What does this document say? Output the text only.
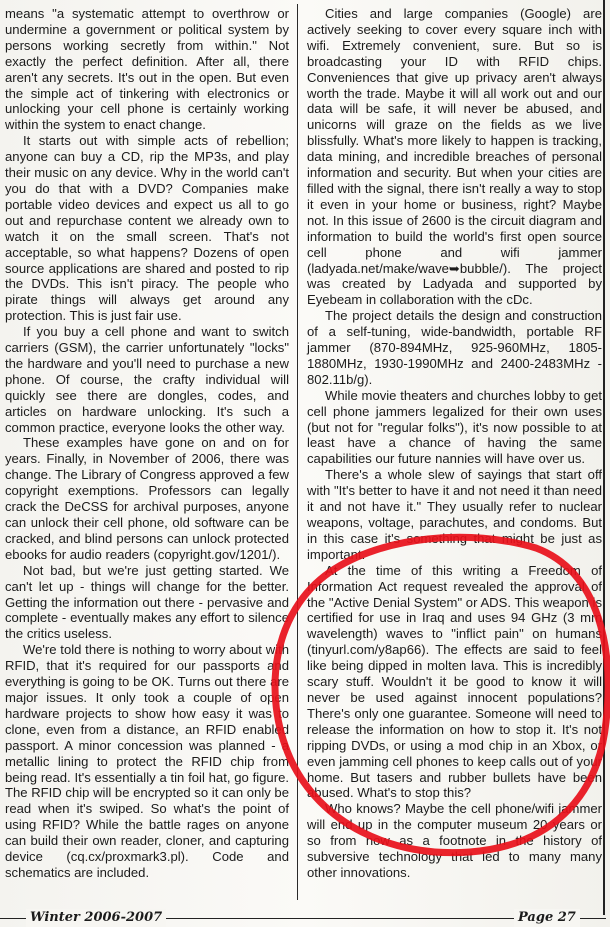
means "a systematic attempt to overthrow or undermine a government or political system by persons working secretly from within." Not exactly the perfect definition. After all, there aren't any secrets. It's out in the open. But even the simple act of tinkering with electronics or unlocking your cell phone is certainly working within the system to enact change.

It starts out with simple acts of rebellion; anyone can buy a CD, rip the MP3s, and play their music on any device. Why in the world can't you do that with a DVD? Companies make portable video devices and expect us all to go out and repurchase content we already own to watch it on the small screen. That's not acceptable, so what happens? Dozens of open source applications are shared and posted to rip the DVDs. This isn't piracy. The people who pirate things will always get around any protection. This is just fair use.

If you buy a cell phone and want to switch carriers (GSM), the carrier unfortunately "locks" the hardware and you'll need to purchase a new phone. Of course, the crafty individual will quickly see there are dongles, codes, and articles on hardware unlocking. It's such a common practice, everyone looks the other way.

These examples have gone on and on for years. Finally, in November of 2006, there was change. The Library of Congress approved a few copyright exemptions. Professors can legally crack the DeCSS for archival purposes, anyone can unlock their cell phone, old software can be cracked, and blind persons can unlock protected ebooks for audio readers (copyright.gov/1201/).

Not bad, but we're just getting started. We can't let up - things will change for the better. Getting the information out there - pervasive and complete - eventually makes any effort to silence the critics useless.

We're told there is nothing to worry about with RFID, that it's required for our passports and everything is going to be OK. Turns out there are major issues. It only took a couple of open hardware projects to show how easy it was to clone, even from a distance, an RFID enabled passport. A minor concession was planned - a metallic lining to protect the RFID chip from being read. It's essentially a tin foil hat, go figure. The RFID chip will be encrypted so it can only be read when it's swiped. So what's the point of using RFID? While the battle rages on anyone can build their own reader, cloner, and capturing device (cq.cx/proxmark3.pl). Code and schematics are included.

Cities and large companies (Google) are actively seeking to cover every square inch with wifi. Extremely convenient, sure. But so is broadcasting your ID with RFID chips. Conveniences that give up privacy aren't always worth the trade. Maybe it will all work out and our data will be safe, it will never be abused, and unicorns will graze on the fields as we live blissfully. What's more likely to happen is tracking, data mining, and incredible breaches of personal information and security. But when your cities are filled with the signal, there isn't really a way to stop it even in your home or business, right? Maybe not. In this issue of 2600 is the circuit diagram and information to build the world's first open source cell phone and wifi jammer (ladyada.net/make/wave➥bubble/). The project was created by Ladyada and supported by Eyebeam in collaboration with the cDc.

The project details the design and construction of a self-tuning, wide-bandwidth, portable RF jammer (870-894MHz, 925-960MHz, 1805-1880MHz, 1930-1990MHz and 2400-2483MHz - 802.11b/g).

While movie theaters and churches lobby to get cell phone jammers legalized for their own uses (but not for "regular folks"), it's now possible to at least have a chance of having the same capabilities our future nannies will have over us.

There's a whole slew of sayings that start off with "It's better to have it and not need it than need it and not have it." They usually refer to nuclear weapons, voltage, parachutes, and condoms. But in this case it's something that might be just as important.

At the time of this writing a Freedom of Information Act request revealed the approval of the "Active Denial System" or ADS. This weapon is certified for use in Iraq and uses 94 GHz (3 mm wavelength) waves to "inflict pain" on humans (tinyurl.com/y8ap66). The effects are said to feel like being dipped in molten lava. This is incredibly scary stuff. Wouldn't it be good to know it will never be used against innocent populations? There's only one guarantee. Someone will need to release the information on how to stop it. It's not ripping DVDs, or using a mod chip in an Xbox, or even jamming cell phones to keep calls out of your home. But tasers and rubber bullets have been abused. What's to stop this?

Who knows? Maybe the cell phone/wifi jammer will end up in the computer museum 20 years or so from now as a footnote in the history of subversive technology that led to many many other innovations.

Winter 2006-2007	Page 27
